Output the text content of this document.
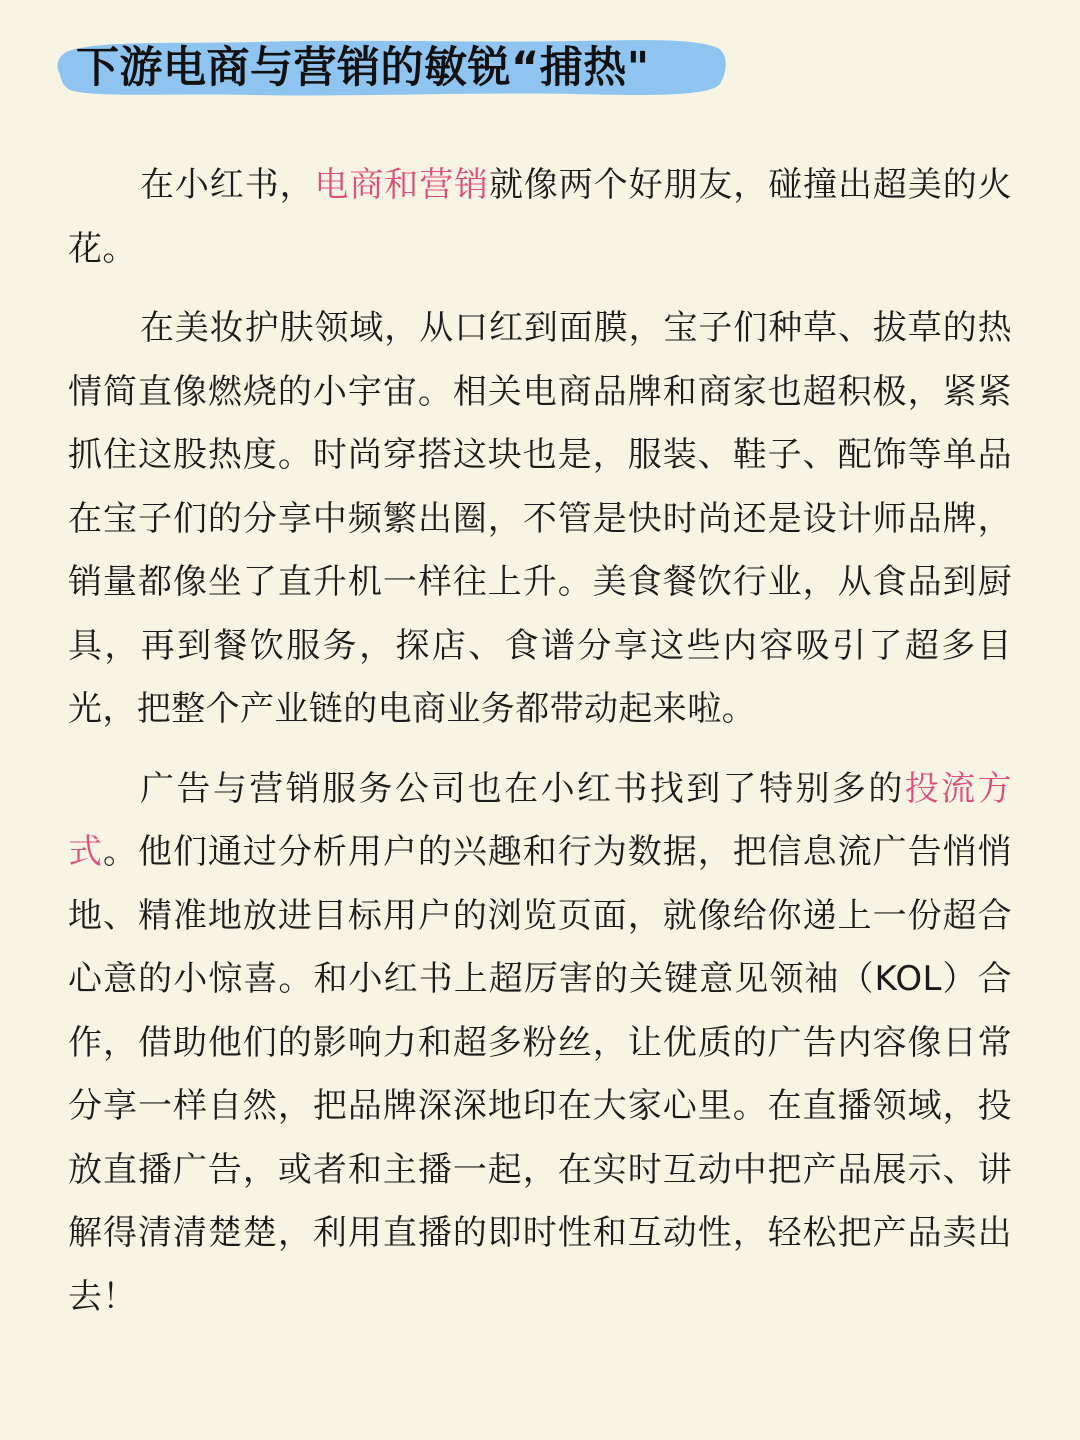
下游电商与营销的敏锐“捕热"

在小红书，电商和营销就像两个好朋友，碰撞出超美的火花。

在美妆护肤领域，从口红到面膜，宝子们种草、拔草的热情简直像燃烧的小宇宙。相关电商品牌和商家也超积极，紧紧抓住这股热度。时尚穿搭这块也是，服装、鞋子、配饰等单品在宝子们的分享中频繁出圈，不管是快时尚还是设计师品牌，销量都像坐了直升机一样往上升。美食餐饮行业，从食品到厨具，再到餐饮服务，探店、食谱分享这些内容吸引了超多目光，把整个产业链的电商业务都带动起来啦。

广告与营销服务公司也在小红书找到了特别多的投流方式。他们通过分析用户的兴趣和行为数据，把信息流广告悄悄地、精准地放进目标用户的浏览页面，就像给你递上一份超合心意的小惊喜。和小红书上超厉害的关键意见领袖（KOL）合作，借助他们的影响力和超多粉丝，让优质的广告内容像日常分享一样自然，把品牌深深地印在大家心里。在直播领域，投放直播广告，或者和主播一起，在实时互动中把产品展示、讲解得清清楚楚，利用直播的即时性和互动性，轻松把产品卖出去！
